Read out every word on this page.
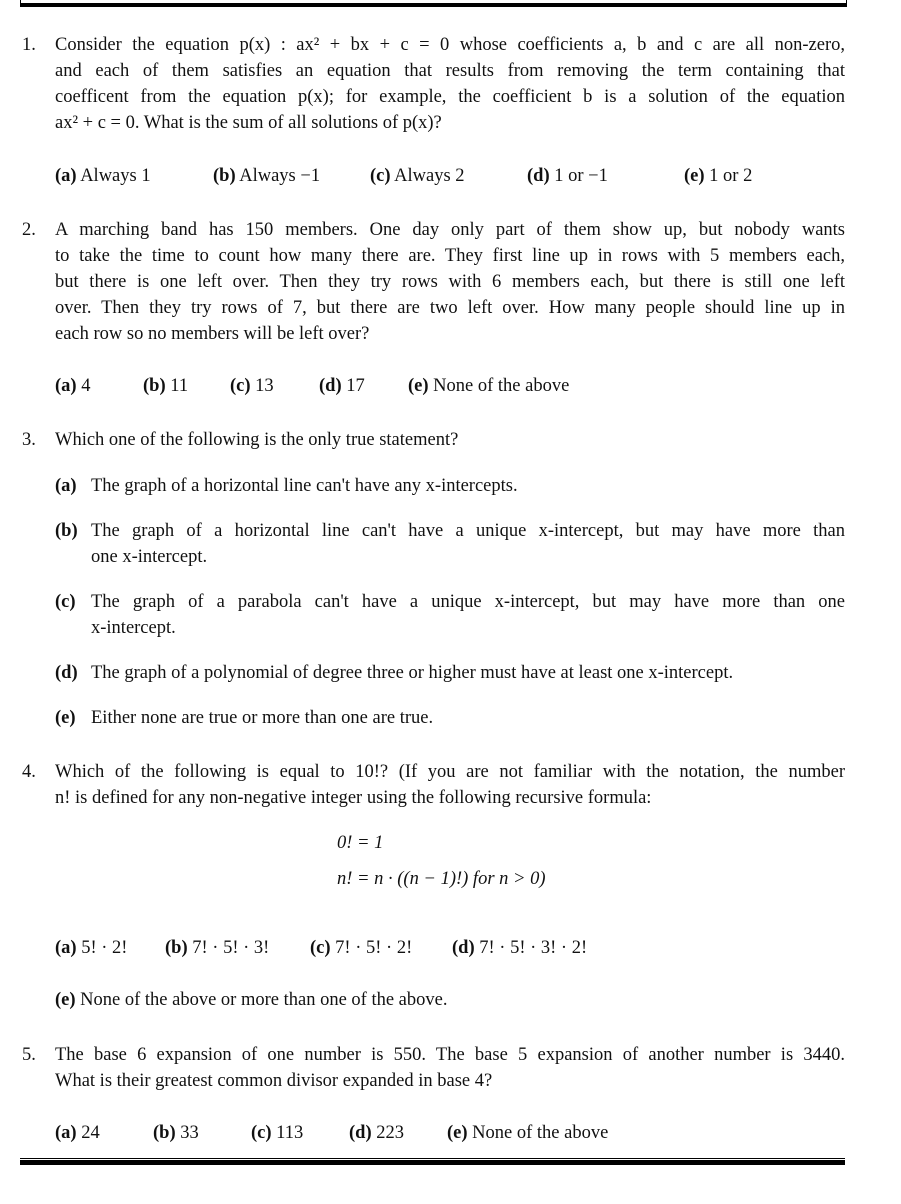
1. Consider the equation p(x) : ax² + bx + c = 0 whose coefficients a, b and c are all non-zero,
and each of them satisfies an equation that results from removing the term containing that
coefficent from the equation p(x); for example, the coefficient b is a solution of the equation
ax² + c = 0. What is the sum of all solutions of p(x)?
(a) Always 1	(b) Always −1	(c) Always 2	(d) 1 or −1	(e) 1 or 2
2. A marching band has 150 members. One day only part of them show up, but nobody wants
to take the time to count how many there are. They first line up in rows with 5 members each,
but there is one left over. Then they try rows with 6 members each, but there is still one left
over. Then they try rows of 7, but there are two left over. How many people should line up in
each row so no members will be left over?
(a) 4	(b) 11	(c) 13	(d) 17	(e) None of the above
3. Which one of the following is the only true statement?
(a) The graph of a horizontal line can't have any x-intercepts.
(b) The graph of a horizontal line can't have a unique x-intercept, but may have more than
one x-intercept.
(c) The graph of a parabola can't have a unique x-intercept, but may have more than one
x-intercept.
(d) The graph of a polynomial of degree three or higher must have at least one x-intercept.
(e) Either none are true or more than one are true.
4. Which of the following is equal to 10!? (If you are not familiar with the notation, the number
n! is defined for any non-negative integer using the following recursive formula:
0! = 1
n! = n · ((n − 1)!) for n > 0)
(a) 5! · 2!	(b) 7! · 5! · 3!	(c) 7! · 5! · 2!	(d) 7! · 5! · 3! · 2!
(e)
None of the above or more than one of the above.
5. The base 6 expansion of one number is 550. The base 5 expansion of another number is 3440.
What is their greatest common divisor expanded in base 4?
(a) 24	(b) 33	(c) 113	(d) 223	(e) None of the above
